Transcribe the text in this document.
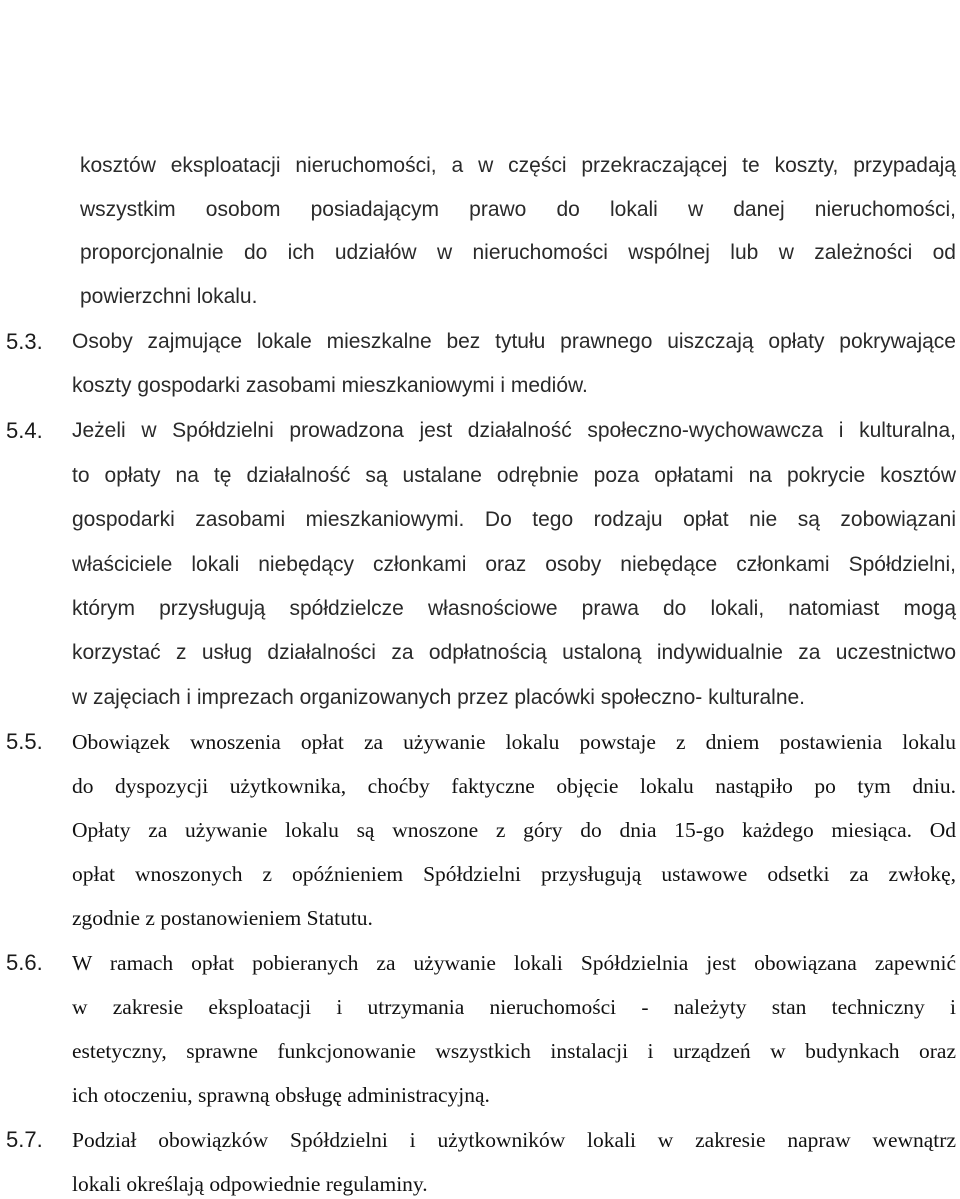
kosztów eksploatacji nieruchomości, a w części przekraczającej te koszty, przypadają
wszystkim osobom posiadającym prawo do lokali w danej nieruchomości,
proporcjonalnie do ich udziałów w nieruchomości wspólnej lub w zależności od
powierzchni lokalu.
5.3. Osoby zajmujące lokale mieszkalne bez tytułu prawnego uiszczają opłaty pokrywające
koszty gospodarki zasobami mieszkaniowymi i mediów.
5.4. Jeżeli w Spółdzielni prowadzona jest działalność społeczno-wychowawcza i kulturalna,
to opłaty na tę działalność są ustalane odrębnie poza opłatami na pokrycie kosztów
gospodarki zasobami mieszkaniowymi. Do tego rodzaju opłat nie są zobowiązani
właściciele lokali niebędący członkami oraz osoby niebędące członkami Spółdzielni,
którym przysługują spółdzielcze własnościowe prawa do lokali, natomiast mogą
korzystać z usług działalności za odpłatnością ustaloną indywidualnie za uczestnictwo
w zajęciach i imprezach organizowanych przez placówki społeczno- kulturalne.
5.5. Obowiązek wnoszenia opłat za używanie lokalu powstaje z dniem postawienia lokalu
do dyspozycji użytkownika, choćby faktyczne objęcie lokalu nastąpiło po tym dniu.
Opłaty za używanie lokalu są wnoszone z góry do dnia 15-go każdego miesiąca. Od
opłat wnoszonych z opóźnieniem Spółdzielni przysługują ustawowe odsetki za zwłokę,
zgodnie z postanowieniem Statutu.
5.6. W ramach opłat pobieranych za używanie lokali Spółdzielnia jest obowiązana zapewnić
w zakresie eksploatacji i utrzymania nieruchomości - należyty stan techniczny i
estetyczny, sprawne funkcjonowanie wszystkich instalacji i urządzeń w budynkach oraz
ich otoczeniu, sprawną obsługę administracyjną.
5.7. Podział obowiązków Spółdzielni i użytkowników lokali w zakresie napraw wewnątrz
lokali określają odpowiednie regulaminy.
